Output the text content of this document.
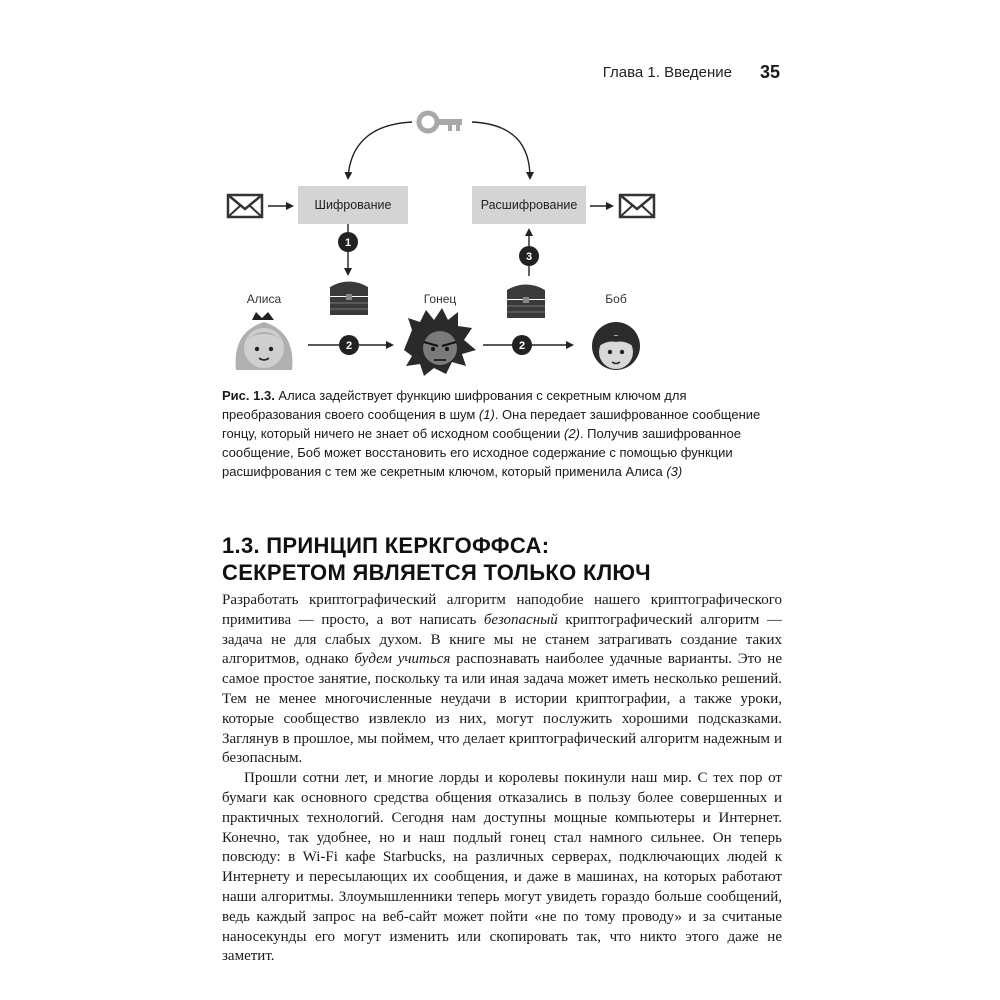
Глава 1. Введение 35
Шифрование	Расшифрование
1
3
Алиса	Гонец	Боб
2	2
Рис. 1.3. Алиса задействует функцию шифрования с секретным ключом для преобразования своего сообщения в шум (1). Она передает зашифрованное сообщение гонцу, который ничего не знает об исходном сообщении (2). Получив зашифрованное сообщение, Боб может восстановить его исходное содержание с помощью функции расшифрования с тем же секретным ключом, который применила Алиса (3)
1.3. ПРИНЦИП КЕРКГОФФСА:
СЕКРЕТОМ ЯВЛЯЕТСЯ ТОЛЬКО КЛЮЧ

Разработать криптографический алгоритм наподобие нашего криптографического примитива — просто, а вот написать безопасный криптографический алгоритм — задача не для слабых духом. В книге мы не станем затрагивать создание таких алгоритмов, однако будем учиться распознавать наиболее удачные варианты. Это не самое простое занятие, поскольку та или иная задача может иметь несколько решений. Тем не менее многочисленные неудачи в истории криптографии, а также уроки, которые сообщество извлекло из них, могут послужить хорошими подсказками. Заглянув в прошлое, мы поймем, что делает криптографический алгоритм надежным и безопасным.

Прошли сотни лет, и многие лорды и королевы покинули наш мир. С тех пор от бумаги как основного средства общения отказались в пользу более совершенных и практичных технологий. Сегодня нам доступны мощные компьютеры и Интернет. Конечно, так удобнее, но и наш подлый гонец стал намного сильнее. Он теперь повсюду: в Wi-Fi кафе Starbucks, на различных серверах, подключающих людей к Интернету и пересылающих их сообщения, и даже в машинах, на которых работают наши алгоритмы. Злоумышленники теперь могут увидеть гораздо больше сообщений, ведь каждый запрос на веб-сайт может пойти «не по тому проводу» и за считаные наносекунды его могут изменить или скопировать так, что никто этого даже не заметит.
